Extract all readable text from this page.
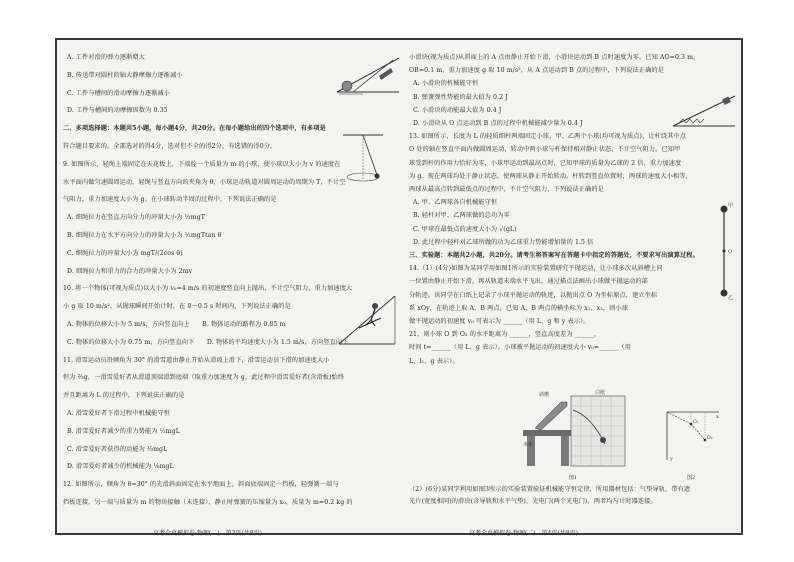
A. 工件对滑的弹力逐渐增大
B. 传送带对圆柱的轴大静摩擦力逐渐减小
C. 工件与槽间的滑动摩擦力逐渐减小
D. 工件与槽间的动摩擦因数为 0.35
二、多项选择题：本题共5小题，每小题4分，共20分。在每小题给出的四个选项中，有多项是
符合题目要求的。全部选对的得4分，选对但不全的得2分，有选错的得0分。
9. 如图所示，轻绳上端固定在天花板上，下端拴一个质量为 m 的小球，使小球以大小为 v 的速度在
水平面内做匀速圆周运动，轻绳与竖直方向的夹角为 θ，小球运动轨道对圆周运动的周期为 T，不计空
气阻力，重力加速度大小为 g。在小球转动半周的过程中，下列说法正确的是
A. 细绳拉力在竖直方向分力的冲量大小为 ½mgT
B. 细绳拉力在水平方向分力的冲量大小为 ½mgTtan θ
C. 细绳拉力的冲量大小为 mgT/(2cos θ)
D. 细绳拉力和重力的合力的冲量大小为 2mv
10. 将一个物体(可视为质点)以大小为 v₀=4 m/s 的初速度竖直向上抛出，不计空气阻力，重力加速度大
小 g 取 10 m/s²。从抛球瞬间开始计时，在 0～0.5 s 时间内，下列说法正确的是
A. 物体的位移大小为 5 m/s，方向竖直向上　　B. 物体运动的路程为 0.85 m
C. 物体的位移大小为 0.75 m，方向竖直向下　　D. 物体的平均速度大小为 1.5 m/s，方向竖直向下
11. 滑雪运动员沿倾角为 30° 的滑雪道由静止开始从滑坡上滑下，滑雪运动员下滑的加速度大小
恒为 ⅔g，一滑雪爱好者从滑道顶端滑到底端（取重力加速度为 g。此过程中滑雪爱好者(含滑板)始终
并且距离为 L 的过程中，下列说法正确的是
A. 滑雪爱好者下滑过程中机械能守恒
B. 滑雪爱好者减少的重力势能为 ½mgL
C. 滑雪爱好者获得的动能为 ⅔mgL
D. 滑雪爱好者减少的机械能为 ⅙mgL
12. 如图所示，倾角为 θ=30° 的光滑斜面固定在水平地面上，斜面底端固定一挡板，轻弹簧一端与
挡板连接，另一端与质量为 m 的物块接触（未连接），静止时弹簧的压缩量为 x₀，质量为 m=0.2 kg 的
高考全真模拟卷·物理(二)　第3页(共8页)
小滑块(视为质点)从斜面上的 A 点由静止开始下滑，小滑块运动到 B 点时速度为零。已知 AO=0.3 m，
OB=0.1 m，重力加速度 g 取 10 m/s²，从 A 点运动到 B 点的过程中，下列说法正确的是
A. 小滑块的机械能守恒
B. 弹簧弹性势能的最大值为 0.2 J
C. 小滑块的动能最大值为 0.4 J
D. 小滑块从 O 点运动到 B 点的过程中机械能减少量为 0.4 J
13. 如图所示，长度为 L 的轻质细杆两端固定小球，甲、乙两个小球(均可视为质点)，让杆绕其中点
O 处的轴在竖直平面内做圆周运动，转动中两小球与杆保持相对静止状态，不计空气阻力。已知甲
球受到杆的作用力恰好为零，小球甲运动到最高点时，已知甲球的质量为乙球的 2 倍，重力加速度
为 g。现在两球均处于静止状态，使两球从静止开始转动，杆转到竖直位置时，两球的速度大小相等，
两球从最高点转到最低点的过程中，不计空气阻力，下列说法正确的是
A. 甲、乙两球各自机械能守恒
B. 轻杆对甲、乙两球做的总功为零
C. 甲球在最低点的速度大小为 √(gL)
D. 此过程中轻杆对乙球所做的功为乙球重力势能增加量的 1.5 倍
三、实验题：本题共2小题，共20分。请考生将答案写在答题卡中指定的答题处，不要求写出演算过程。
14.（1）(4分)如图为某同学用如图1所示的实验装置研究平抛运动，让小球多次从斜槽上同
一位置由静止开始下滑，再从轨道末端水平飞出，通过描点法画出小球做平抛运动的部
分轨迹。该同学在白纸上记录了小球平抛运动的轨迹，以抛出点 O 为坐标原点，建立坐标
系 xOy，在轨迹上取 A、B 两点，已知 A、B 两点的横坐标为 x₁、x₂，则小球
做平抛运动的初速度 v₀ 可表示为 ______（用 L、g 和 y 表示）。
21，则小球 O 到 O₂ 的水平距离为 ______，竖直高度差为 ______，
时间 t=______（用 L、g 表示）。小球被平抛运动的初速度大小 v₀=______（用
L、l₁、g 表示）。
甲
O
乙
斜槽	白纸
木板
图1
x
y
O₁
O₂
图2
（2）(6分)某同学利用如图3所示的实验装置验证机械能守恒定律，所用器材包括：气垫导轨，带有遮
光片(宽度相同)的滑块(含导轨和水平气垫)，光电门(两个光电门)，两者均与计时器连接。
高考全真模拟卷·物理(二)　第4页(共8页)
